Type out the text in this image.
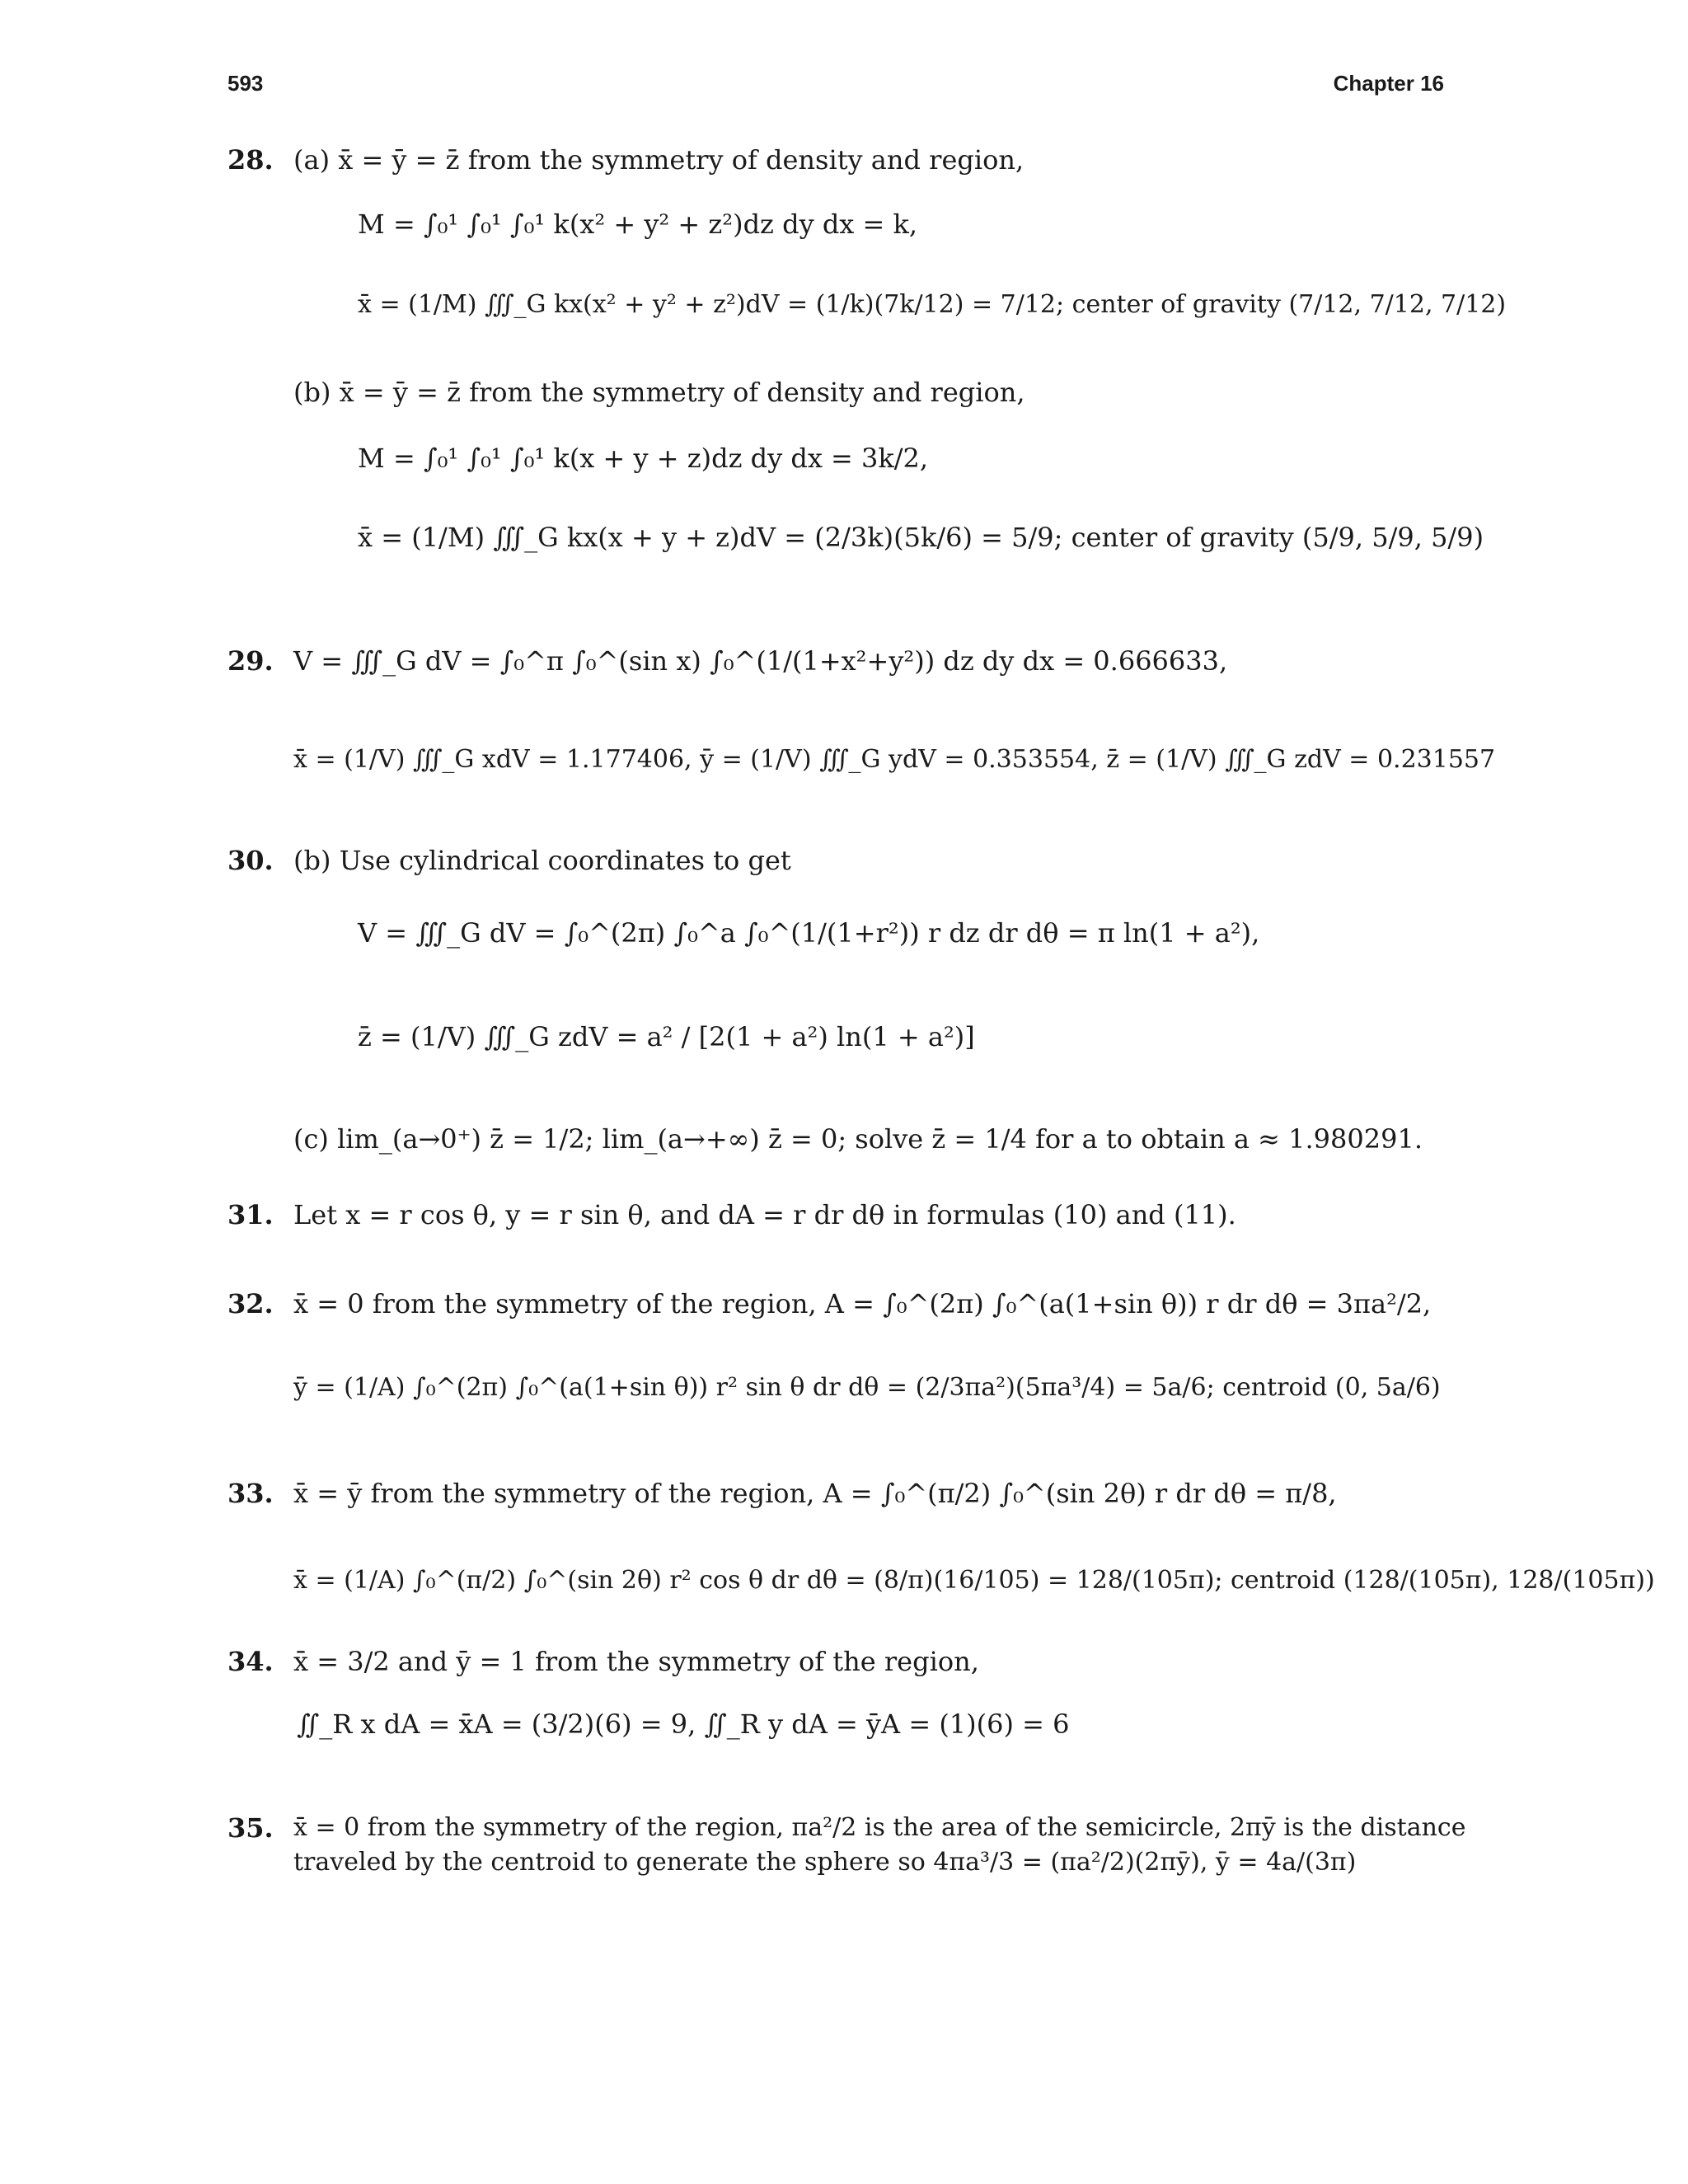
593	Chapter 16
28. (a) x̄ = ȳ = z̄ from the symmetry of density and region,
M = ∫₀¹ ∫₀¹ ∫₀¹ k(x² + y² + z²)dz dy dx = k,
x̄ = (1/M) ∭_G kx(x² + y² + z²)dV = (1/k)(7k/12) = 7/12; center of gravity (7/12, 7/12, 7/12)
(b) x̄ = ȳ = z̄ from the symmetry of density and region,
M = ∫₀¹ ∫₀¹ ∫₀¹ k(x + y + z)dz dy dx = 3k/2,
x̄ = (1/M) ∭_G kx(x + y + z)dV = (2/3k)(5k/6) = 5/9; center of gravity (5/9, 5/9, 5/9)
29. V = ∭_G dV = ∫₀^π ∫₀^(sin x) ∫₀^(1/(1+x²+y²)) dz dy dx = 0.666633,
x̄ = (1/V) ∭_G xdV = 1.177406, ȳ = (1/V) ∭_G ydV = 0.353554, z̄ = (1/V) ∭_G zdV = 0.231557
30. (b) Use cylindrical coordinates to get
V = ∭_G dV = ∫₀^(2π) ∫₀^a ∫₀^(1/(1+r²)) r dz dr dθ = π ln(1 + a²),
z̄ = (1/V) ∭_G zdV = a² / [2(1 + a²) ln(1 + a²)]
(c) lim_(a→0⁺) z̄ = 1/2; lim_(a→+∞) z̄ = 0; solve z̄ = 1/4 for a to obtain a ≈ 1.980291.
31. Let x = r cos θ, y = r sin θ, and dA = r dr dθ in formulas (10) and (11).
32. x̄ = 0 from the symmetry of the region, A = ∫₀^(2π) ∫₀^(a(1+sin θ)) r dr dθ = 3πa²/2,
ȳ = (1/A) ∫₀^(2π) ∫₀^(a(1+sin θ)) r² sin θ dr dθ = (2/3πa²)(5πa³/4) = 5a/6; centroid (0, 5a/6)
33. x̄ = ȳ from the symmetry of the region, A = ∫₀^(π/2) ∫₀^(sin 2θ) r dr dθ = π/8,
x̄ = (1/A) ∫₀^(π/2) ∫₀^(sin 2θ) r² cos θ dr dθ = (8/π)(16/105) = 128/(105π); centroid (128/(105π), 128/(105π))
34. x̄ = 3/2 and ȳ = 1 from the symmetry of the region,
∬_R x dA = x̄A = (3/2)(6) = 9, ∬_R y dA = ȳA = (1)(6) = 6
35. x̄ = 0 from the symmetry of the region, πa²/2 is the area of the semicircle, 2πȳ is the distance
traveled by the centroid to generate the sphere so 4πa³/3 = (πa²/2)(2πȳ), ȳ = 4a/(3π)
